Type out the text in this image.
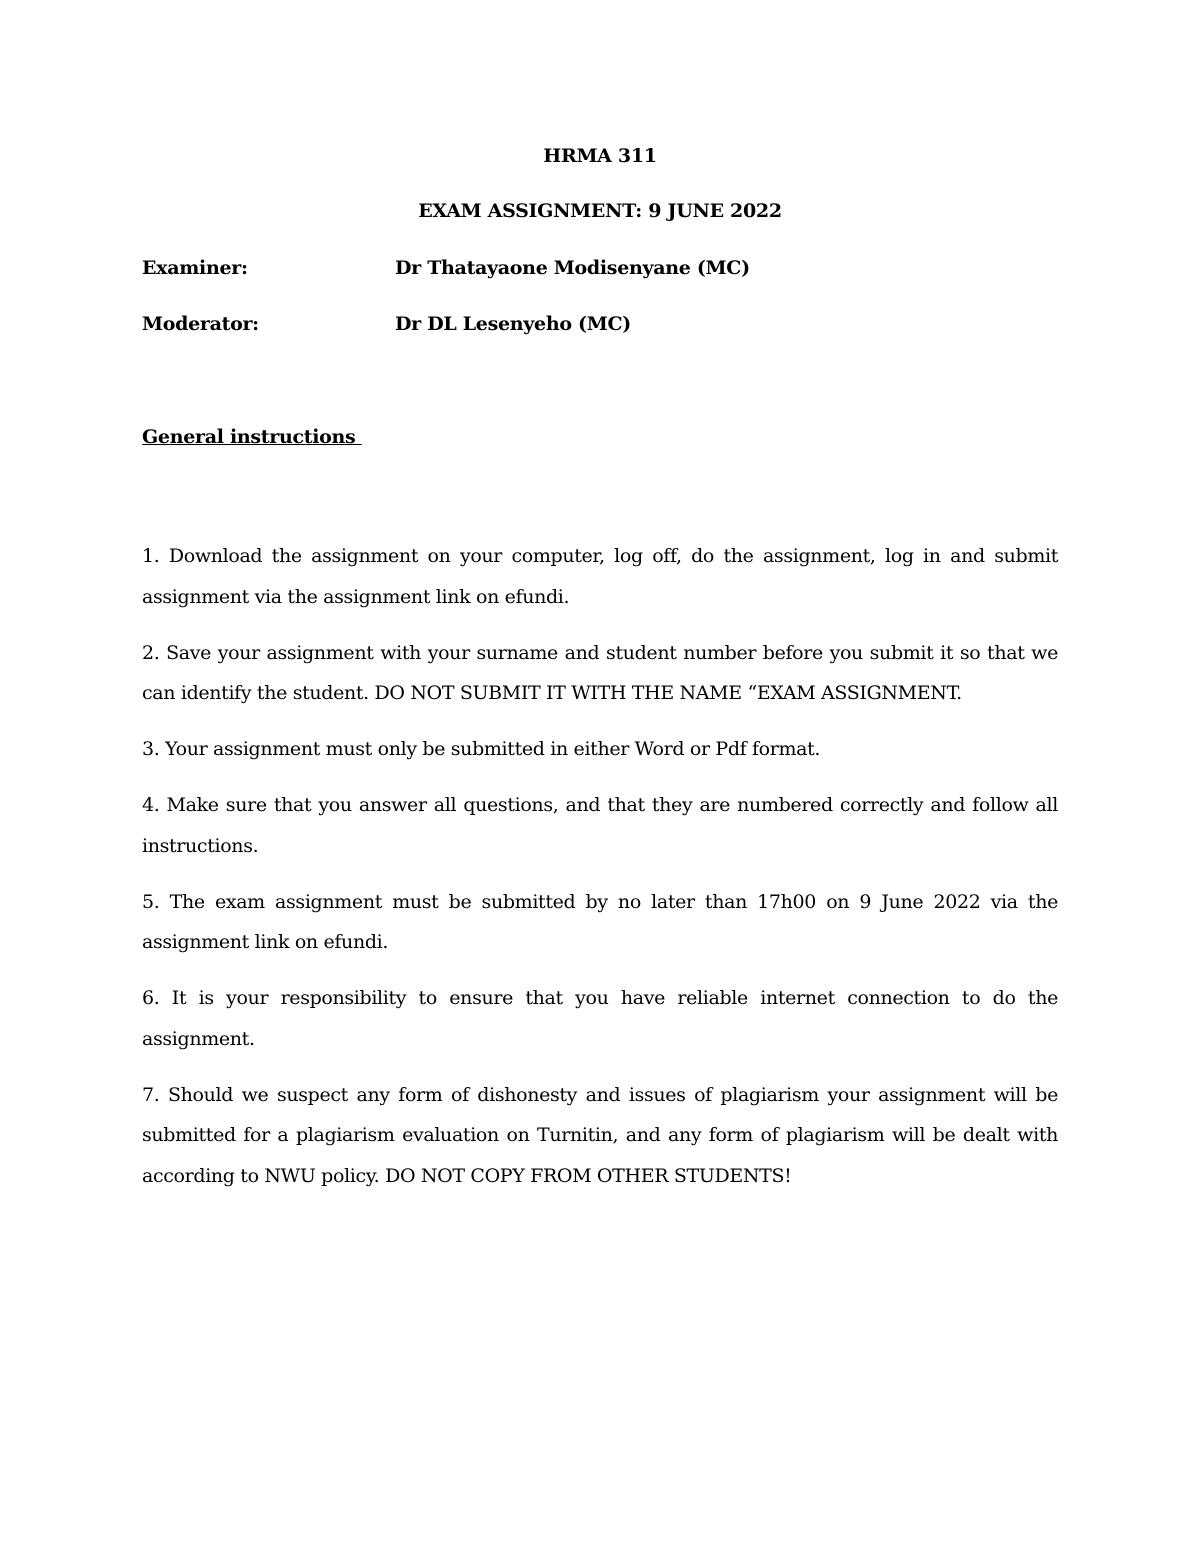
HRMA 311
EXAM ASSIGNMENT: 9 JUNE 2022
Examiner:	Dr Thatayaone Modisenyane (MC)
Moderator:	Dr DL Lesenyeho (MC)
General instructions

1. Download the assignment on your computer, log off, do the assignment, log in and submit assignment via the assignment link on efundi.

2. Save your assignment with your surname and student number before you submit it so that we can identify the student. DO NOT SUBMIT IT WITH THE NAME “EXAM ASSIGNMENT.

3. Your assignment must only be submitted in either Word or Pdf format.

4. Make sure that you answer all questions, and that they are numbered correctly and follow all instructions.

5. The exam assignment must be submitted by no later than 17h00 on 9 June 2022 via the assignment link on efundi.

6. It is your responsibility to ensure that you have reliable internet connection to do the assignment.

7. Should we suspect any form of dishonesty and issues of plagiarism your assignment will be submitted for a plagiarism evaluation on Turnitin, and any form of plagiarism will be dealt with according to NWU policy. DO NOT COPY FROM OTHER STUDENTS!
